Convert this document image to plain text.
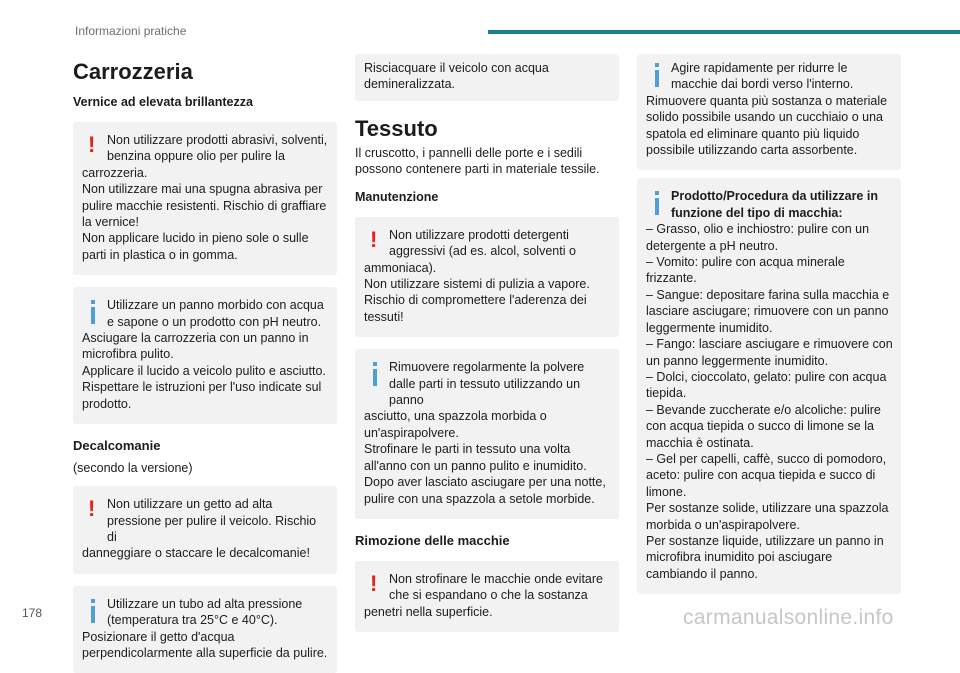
Informazioni pratiche
Carrozzeria
Vernice ad elevata brillantezza
! Non utilizzare prodotti abrasivi, solventi, benzina oppure olio per pulire la
carrozzeria.
Non utilizzare mai una spugna abrasiva per pulire macchie resistenti. Rischio di graffiare la vernice!
Non applicare lucido in pieno sole o sulle parti in plastica o in gomma.
Utilizzare un panno morbido con acqua e sapone o un prodotto con pH neutro.
Asciugare la carrozzeria con un panno in microfibra pulito.
Applicare il lucido a veicolo pulito e asciutto.
Rispettare le istruzioni per l'uso indicate sul prodotto.
Decalcomanie
(secondo la versione)
! Non utilizzare un getto ad alta pressione per pulire il veicolo. Rischio di
danneggiare o staccare le decalcomanie!
Utilizzare un tubo ad alta pressione (temperatura tra 25°C e 40°C).
Posizionare il getto d'acqua perpendicolarmente alla superficie da pulire.
Risciacquare il veicolo con acqua demineralizzata.
Tessuto
Il cruscotto, i pannelli delle porte e i sedili possono contenere parti in materiale tessile.
Manutenzione
! Non utilizzare prodotti detergenti aggressivi (ad es. alcol, solventi o
ammoniaca).
Non utilizzare sistemi di pulizia a vapore. Rischio di compromettere l'aderenza dei tessuti!
Rimuovere regolarmente la polvere dalle parti in tessuto utilizzando un panno
asciutto, una spazzola morbida o un'aspirapolvere.
Strofinare le parti in tessuto una volta all'anno con un panno pulito e inumidito. Dopo aver lasciato asciugare per una notte, pulire con una spazzola a setole morbide.
Rimozione delle macchie
! Non strofinare le macchie onde evitare che si espandano o che la sostanza
penetri nella superficie.
Agire rapidamente per ridurre le macchie dai bordi verso l'interno.
Rimuovere quanta più sostanza o materiale solido possibile usando un cucchiaio o una spatola ed eliminare quanto più liquido possibile utilizzando carta assorbente.
Prodotto/Procedura da utilizzare in funzione del tipo di macchia:
– Grasso, olio e inchiostro: pulire con un detergente a pH neutro.
– Vomito: pulire con acqua minerale frizzante.
– Sangue: depositare farina sulla macchia e lasciare asciugare; rimuovere con un panno leggermente inumidito.
– Fango: lasciare asciugare e rimuovere con un panno leggermente inumidito.
– Dolci, cioccolato, gelato: pulire con acqua tiepida.
– Bevande zuccherate e/o alcoliche: pulire con acqua tiepida o succo di limone se la macchia è ostinata.
– Gel per capelli, caffè, succo di pomodoro, aceto: pulire con acqua tiepida e succo di limone.
Per sostanze solide, utilizzare una spazzola morbida o un'aspirapolvere.
Per sostanze liquide, utilizzare un panno in microfibra inumidito poi asciugare cambiando il panno.
178	carmanualsonline.info
